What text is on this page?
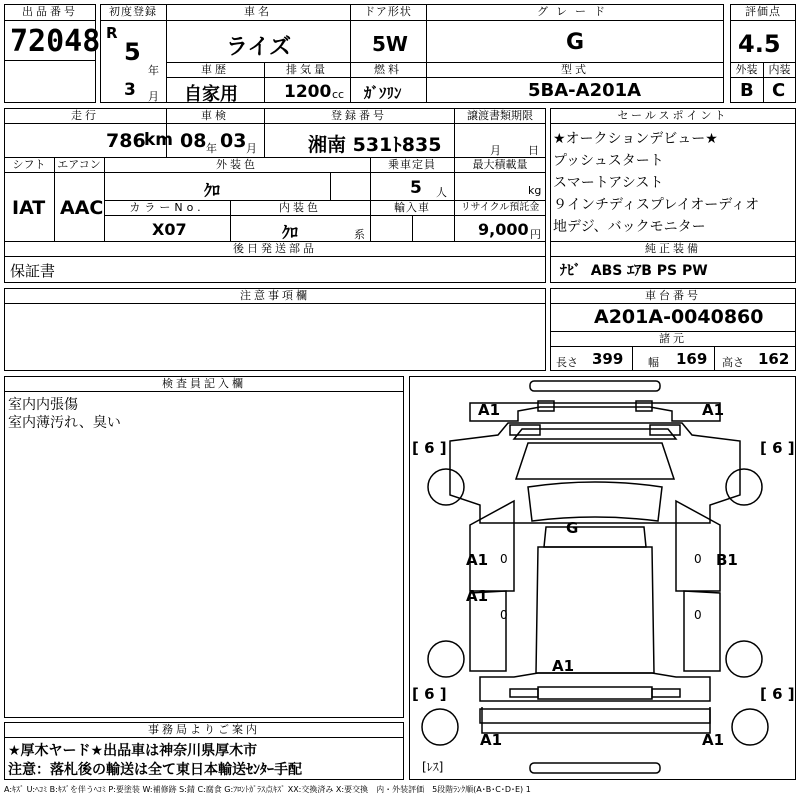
出品番号
72048
初度登録
R
5
年
3 月
車名
ライズ
ドア形状
5W
グレード
G
車歴
自家用
排気量
1200 cc
燃料
ｶﾞｿﾘﾝ
型式
5BA-A201A
評価点
4.5
外装	内装
B C
走行
786
km
車検
08 年 03 月
登録番号
湘南 531ﾄ835
譲渡書類期限
月 日
シフト
IAT
エアコン
AAC
外装色
ｸﾛ
乗車定員
5 人
最大積載量
kg
カラーNo.
X07
内装色
ｸﾛ	系
輸入車	リサイクル預託金
9,000 円
後日発送部品
保証書
セールスポイント
★オークションデビュー★
プッシュスタート
スマートアシスト
９インチディスプレイオーディオ
地デジ、バックモニター
純正装備
ﾅﾋﾞ  ABS ｴｱB PS PW
注意事項欄	車台番号
A201A-0040860
諸元
長さ 399 幅 169 高さ 162
検査員記入欄
室内内張傷
室内薄汚れ、臭い
事務局よりご案内
★厚木ヤード★出品車は神奈川県厚木市
注意：落札後の輸送は全て東日本輸送ｾﾝﾀｰ手配
A1	A1
[ 6 ]	[ 6 ]
G
A1	B1
A1
A1
[ 6 ]	[ 6 ]
A1	A1
[ﾚｽ]
0	0
0	0
A:ｷｽﾞ U:ﾍｺﾐ B:ｷｽﾞを伴うﾍｺﾐ P:要塗装 W:補修跡 S:錆 C:腐食 G:ﾌﾛﾝﾄｶﾞﾗｽ点ｷｽﾞ XX:交換済み X:要交換　内・外装評価　5段階ﾗﾝｸ順(A･B･C･D･E) 1
